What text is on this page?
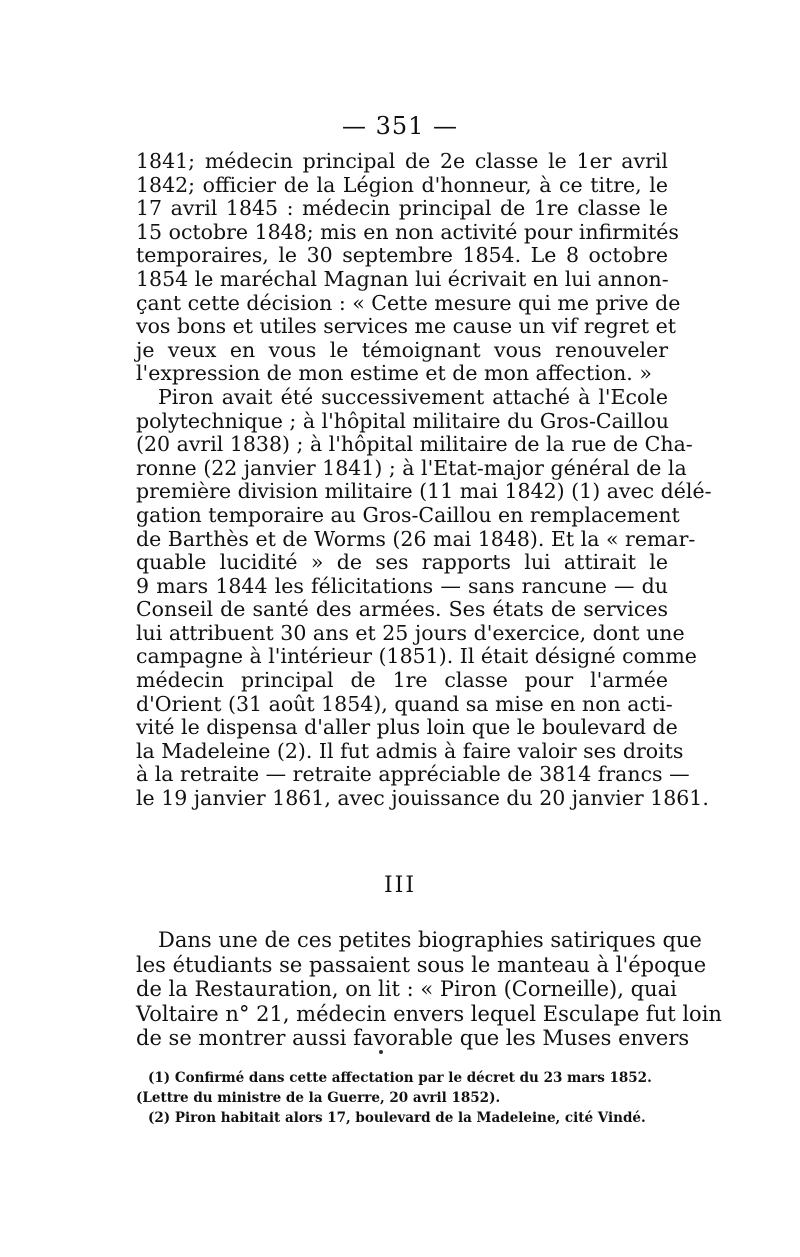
— 351 —
1841; médecin principal de 2e classe le 1er avril
1842; officier de la Légion d'honneur, à ce titre, le
17 avril 1845 : médecin principal de 1re classe le
15 octobre 1848; mis en non activité pour infirmités
temporaires, le 30 septembre 1854. Le 8 octobre
1854 le maréchal Magnan lui écrivait en lui annon-
çant cette décision : « Cette mesure qui me prive de
vos bons et utiles services me cause un vif regret et
je veux en vous le témoignant vous renouveler
l'expression de mon estime et de mon affection. »
Piron avait été successivement attaché à l'Ecole
polytechnique ; à l'hôpital militaire du Gros-Caillou
(20 avril 1838) ; à l'hôpital militaire de la rue de Cha-
ronne (22 janvier 1841) ; à l'Etat-major général de la
première division militaire (11 mai 1842) (1) avec délé-
gation temporaire au Gros-Caillou en remplacement
de Barthès et de Worms (26 mai 1848). Et la « remar-
quable lucidité » de ses rapports lui attirait le
9 mars 1844 les félicitations — sans rancune — du
Conseil de santé des armées. Ses états de services
lui attribuent 30 ans et 25 jours d'exercice, dont une
campagne à l'intérieur (1851). Il était désigné comme
médecin principal de 1re classe pour l'armée
d'Orient (31 août 1854), quand sa mise en non acti-
vité le dispensa d'aller plus loin que le boulevard de
la Madeleine (2). Il fut admis à faire valoir ses droits
à la retraite — retraite appréciable de 3814 francs —
le 19 janvier 1861, avec jouissance du 20 janvier 1861.
III
Dans une de ces petites biographies satiriques que
les étudiants se passaient sous le manteau à l'époque
de la Restauration, on lit : « Piron (Corneille), quai
Voltaire n° 21, médecin envers lequel Esculape fut loin
de se montrer aussi favorable que les Muses envers
(1) Confirmé dans cette affectation par le décret du 23 mars 1852.
(Lettre du ministre de la Guerre, 20 avril 1852).
(2) Piron habitait alors 17, boulevard de la Madeleine, cité Vindé.
